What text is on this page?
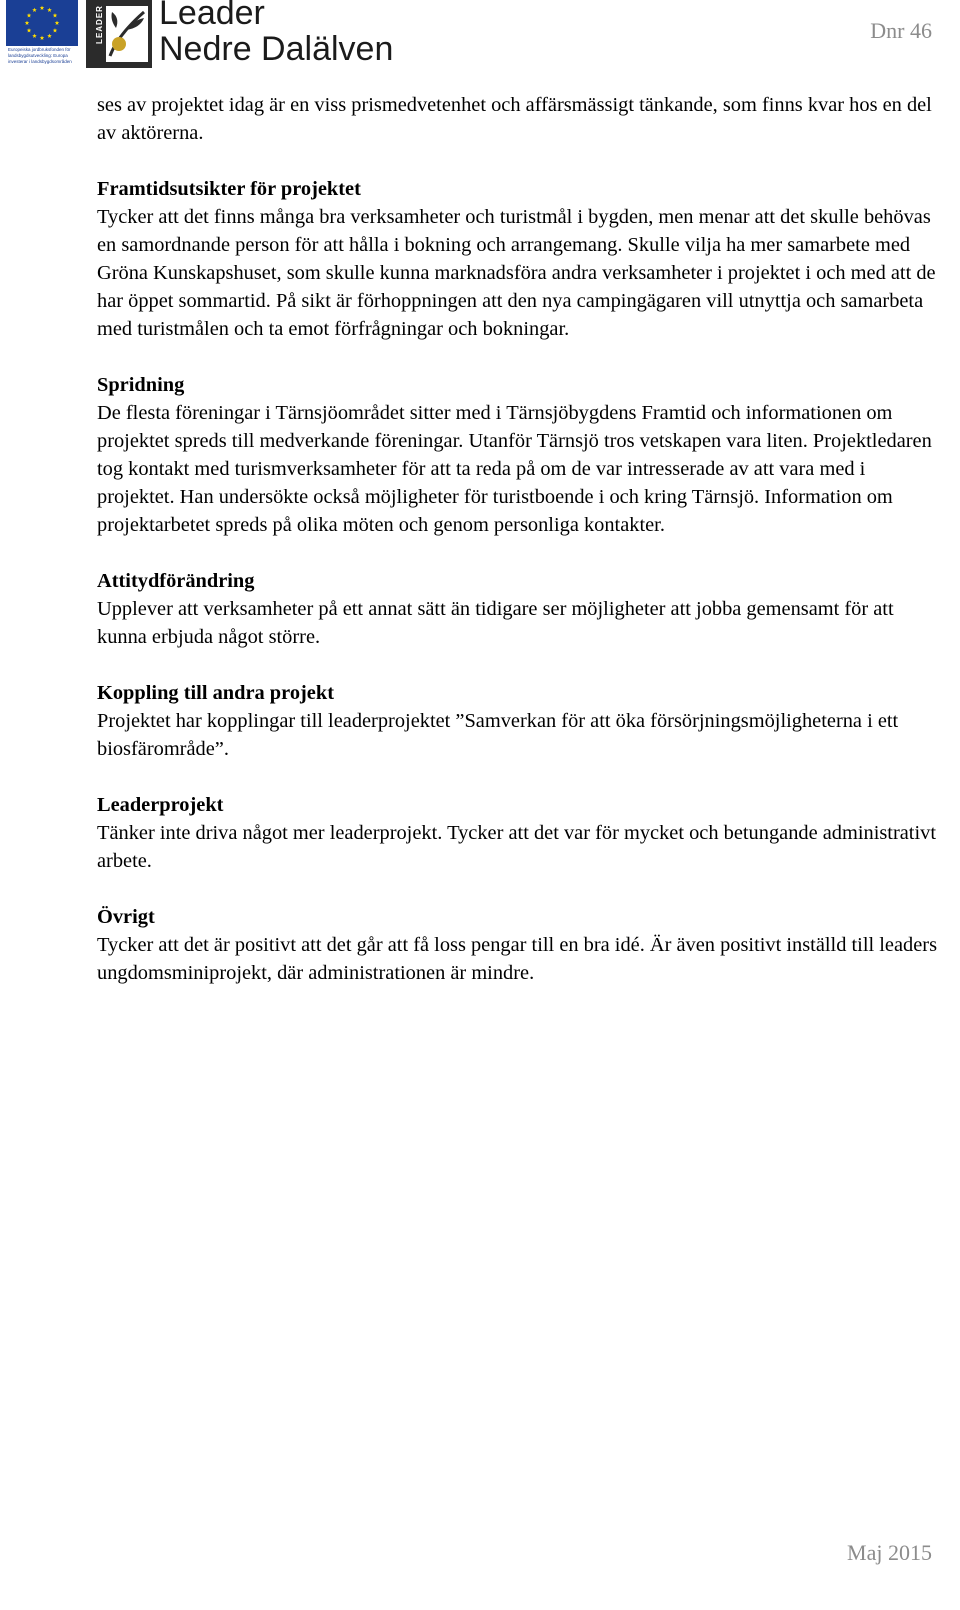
Europeiska jordbruksfonden för
landsbygdsutveckling: Europa
investerar i landsbygdsområden
LEADER Leader
Nedre Dalälven	Dnr 46

ses av projektet idag är en viss prismedvetenhet och affärsmässigt tänkande, som finns kvar hos en del av aktörerna.

Framtidsutsikter för projektet

Tycker att det finns många bra verksamheter och turistmål i bygden, men menar att det skulle behövas en samordnande person för att hålla i bokning och arrangemang. Skulle vilja ha mer samarbete med Gröna Kunskapshuset, som skulle kunna marknadsföra andra verksamheter i projektet i och med att de har öppet sommartid. På sikt är förhoppningen att den nya campingägaren vill utnyttja och samarbeta med turistmålen och ta emot förfrågningar och bokningar.

Spridning

De flesta föreningar i Tärnsjöområdet sitter med i Tärnsjöbygdens Framtid och informationen om projektet spreds till medverkande föreningar. Utanför Tärnsjö tros vetskapen vara liten. Projektledaren tog kontakt med turismverksamheter för att ta reda på om de var intresserade av att vara med i projektet. Han undersökte också möjligheter för turistboende i och kring Tärnsjö. Information om projektarbetet spreds på olika möten och genom personliga kontakter.

Attitydförändring

Upplever att verksamheter på ett annat sätt än tidigare ser möjligheter att jobba gemensamt för att kunna erbjuda något större.

Koppling till andra projekt

Projektet har kopplingar till leaderprojektet ”Samverkan för att öka försörjningsmöjligheterna i ett biosfärområde”.

Leaderprojekt

Tänker inte driva något mer leaderprojekt. Tycker att det var för mycket och betungande administrativt arbete.

Övrigt

Tycker att det är positivt att det går att få loss pengar till en bra idé. Är även positivt inställd till leaders ungdomsminiprojekt, där administrationen är mindre.

Maj 2015
